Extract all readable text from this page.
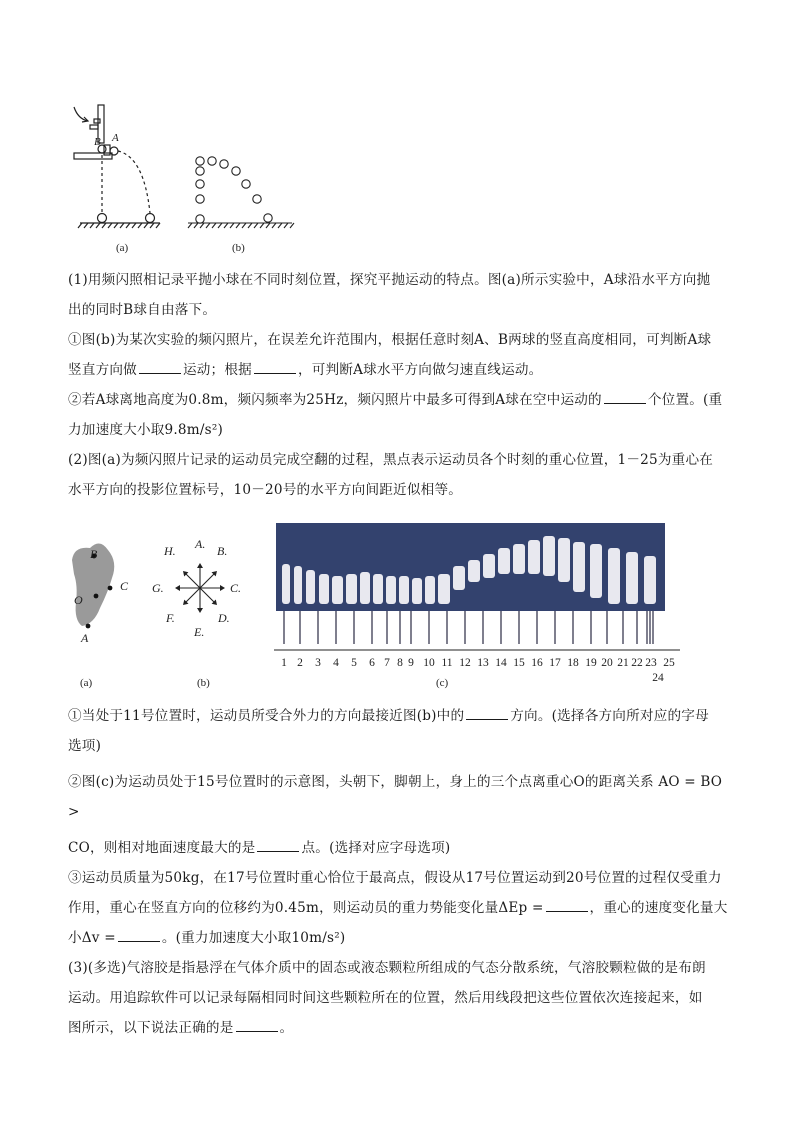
B A
(a)	(b)
(1)用频闪照相记录平抛小球在不同时刻位置，探究平抛运动的特点。图(a)所示实验中，A球沿水平方向抛
出的同时B球自由落下。
①图(b)为某次实验的频闪照片，在误差允许范围内，根据任意时刻A、B两球的竖直高度相同，可判断A球
竖直方向做	运动；根据	，可判断A球水平方向做匀速直线运动。
②若A球离地高度为0.8m，频闪频率为25Hz，频闪照片中最多可得到A球在空中运动的	个位置。(重
力加速度大小取9.8m/s²)
(2)图(a)为频闪照片记录的运动员完成空翻的过程，黑点表示运动员各个时刻的重心位置，1－25为重心在
水平方向的投影位置标号，10－20号的水平方向间距近似相等。
B
C
O
A
(a)
A. B.
C.
D.
E.
F.
G.
H.
(b)
1 2 3 4 5 6 7 8 9 10 11 12 13 14 15 16 17 18 19 20 21 22 23 25
24
(c)
①当处于11号位置时，运动员所受合外力的方向最接近图(b)中的	方向。(选择各方向所对应的字母
选项)
②图(c)为运动员处于15号位置时的示意图，头朝下，脚朝上，身上的三个点离重心O的距离关系 AO = BO >
CO，则相对地面速度最大的是	点。(选择对应字母选项)
③运动员质量为50kg，在17号位置时重心恰位于最高点，假设从17号位置运动到20号位置的过程仅受重力
作用，重心在竖直方向的位移约为0.45m，则运动员的重力势能变化量ΔEp =	，重心的速度变化量大
小Δv =	。(重力加速度大小取10m/s²)
(3)(多选)气溶胶是指悬浮在气体介质中的固态或液态颗粒所组成的气态分散系统，气溶胶颗粒做的是布朗
运动。用追踪软件可以记录每隔相同时间这些颗粒所在的位置，然后用线段把这些位置依次连接起来，如
图所示，以下说法正确的是	。
